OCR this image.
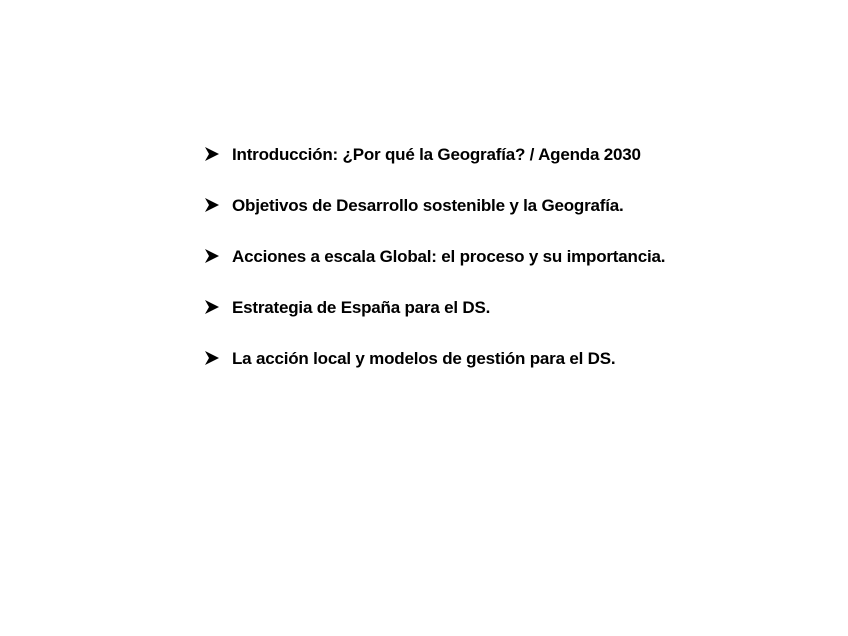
Introducción: ¿Por qué la Geografía? / Agenda 2030
Objetivos de Desarrollo sostenible y la Geografía.
Acciones a escala Global: el proceso y su importancia.
Estrategia de España para el DS.
La acción local y modelos de gestión para el DS.
